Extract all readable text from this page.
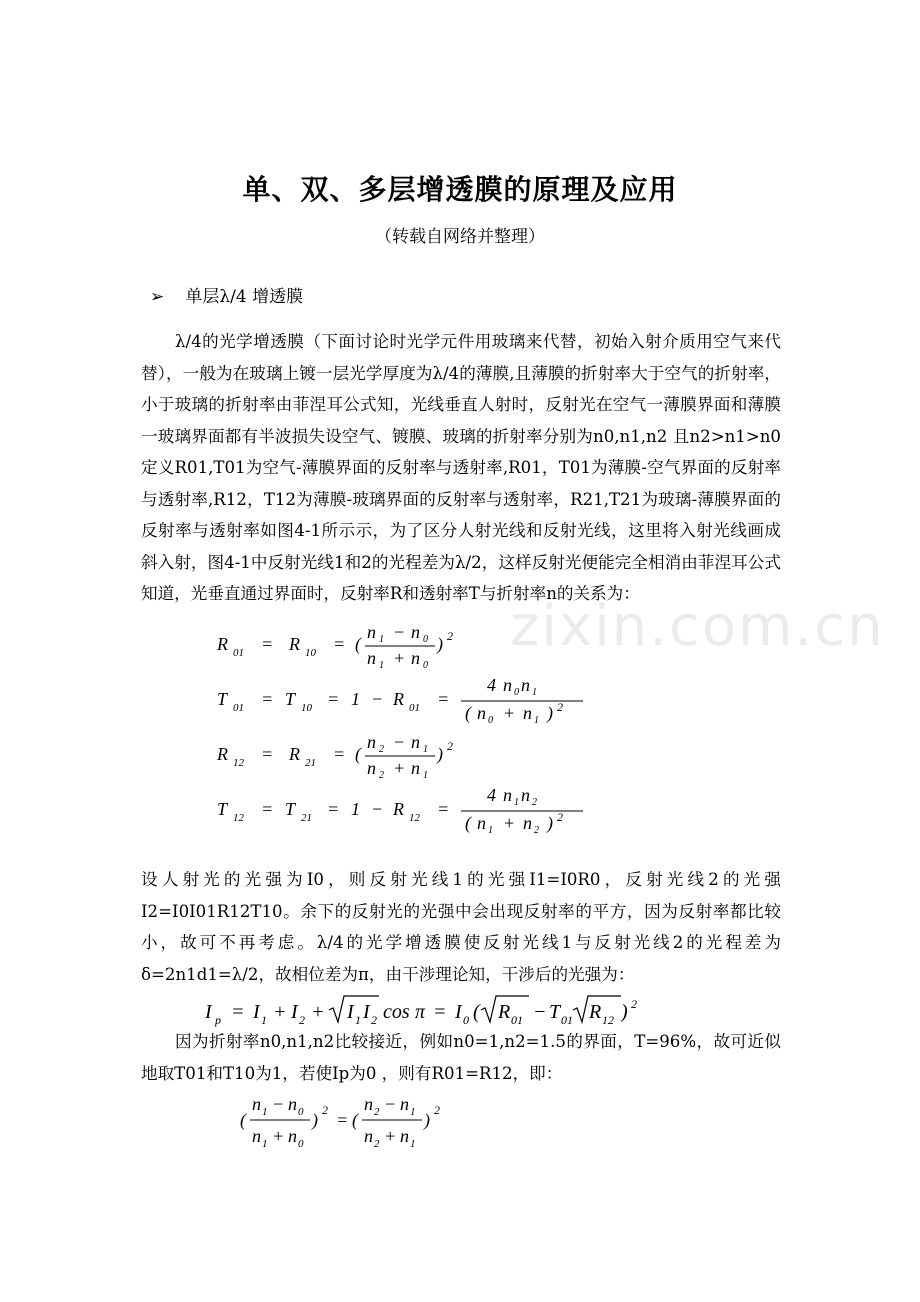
单、双、多层增透膜的原理及应用
（转载自网络并整理）
➢ 单层λ/4 增透膜

λ/4的光学增透膜（下面讨论时光学元件用玻璃来代替，初始入射介质用空气来代替），一般为在玻璃上镀一层光学厚度为λ/4的薄膜,且薄膜的折射率大于空气的折射率，小于玻璃的折射率由菲涅耳公式知，光线垂直人射时，反射光在空气一薄膜界面和薄膜一玻璃界面都有半波损失设空气、镀膜、玻璃的折射率分别为n0,n1,n2 且n2>n1>n0定义R01,T01为空气-薄膜界面的反射率与透射率,R01，T01为薄膜-空气界面的反射率与透射率,R12，T12为薄膜-玻璃界面的反射率与透射率，R21,T21为玻璃-薄膜界面的反射率与透射率如图4-1所示示，为了区分人射光线和反射光线，这里将入射光线画成斜入射，图4-1中反射光线1和2的光程差为λ/2，这样反射光便能完全相消由菲涅耳公式知道，光垂直通过界面时，反射率R和透射率T与折射率n的关系为：

zixin.com.cn
R 01 = R 10 = (
n 1 − n 0
n 1 + n 0
) 2
T 01 = T 10 = 1 − R 01 =
4 n 0 n 1
( n 0 + n 1 ) 2
R 12 = R 21 = (
n 2 − n 1
n 2 + n 1
) 2
T 12 = T 21 = 1 − R 12 =
4 n 1 n 2
( n 1 + n 2 ) 2

设人射光的光强为I0，则反射光线1的光强I1=I0R0，反射光线2的光强I2=I0I01R12T10。余下的反射光的光强中会出现反射率的平方，因为反射率都比较小，故可不再考虑。λ/4的光学增透膜使反射光线1与反射光线2的光程差为δ=2n1d1=λ/2，故相位差为π，由干涉理论知，干涉后的光强为：

I p = I 1 + I 2 + I 1 I 2 cos π = I 0 ( R 01 − T 01 R 12 ) 2

因为折射率n0,n1,n2比较接近，例如n0=1,n2=1.5的界面，T=96%，故可近似地取T01和T10为1，若使Ip为0 ，则有R01=R12，即：

(
n 1 − n 0
n 1 + n 0
) 2 = (
n 2 − n 1
n 2 + n 1
) 2
